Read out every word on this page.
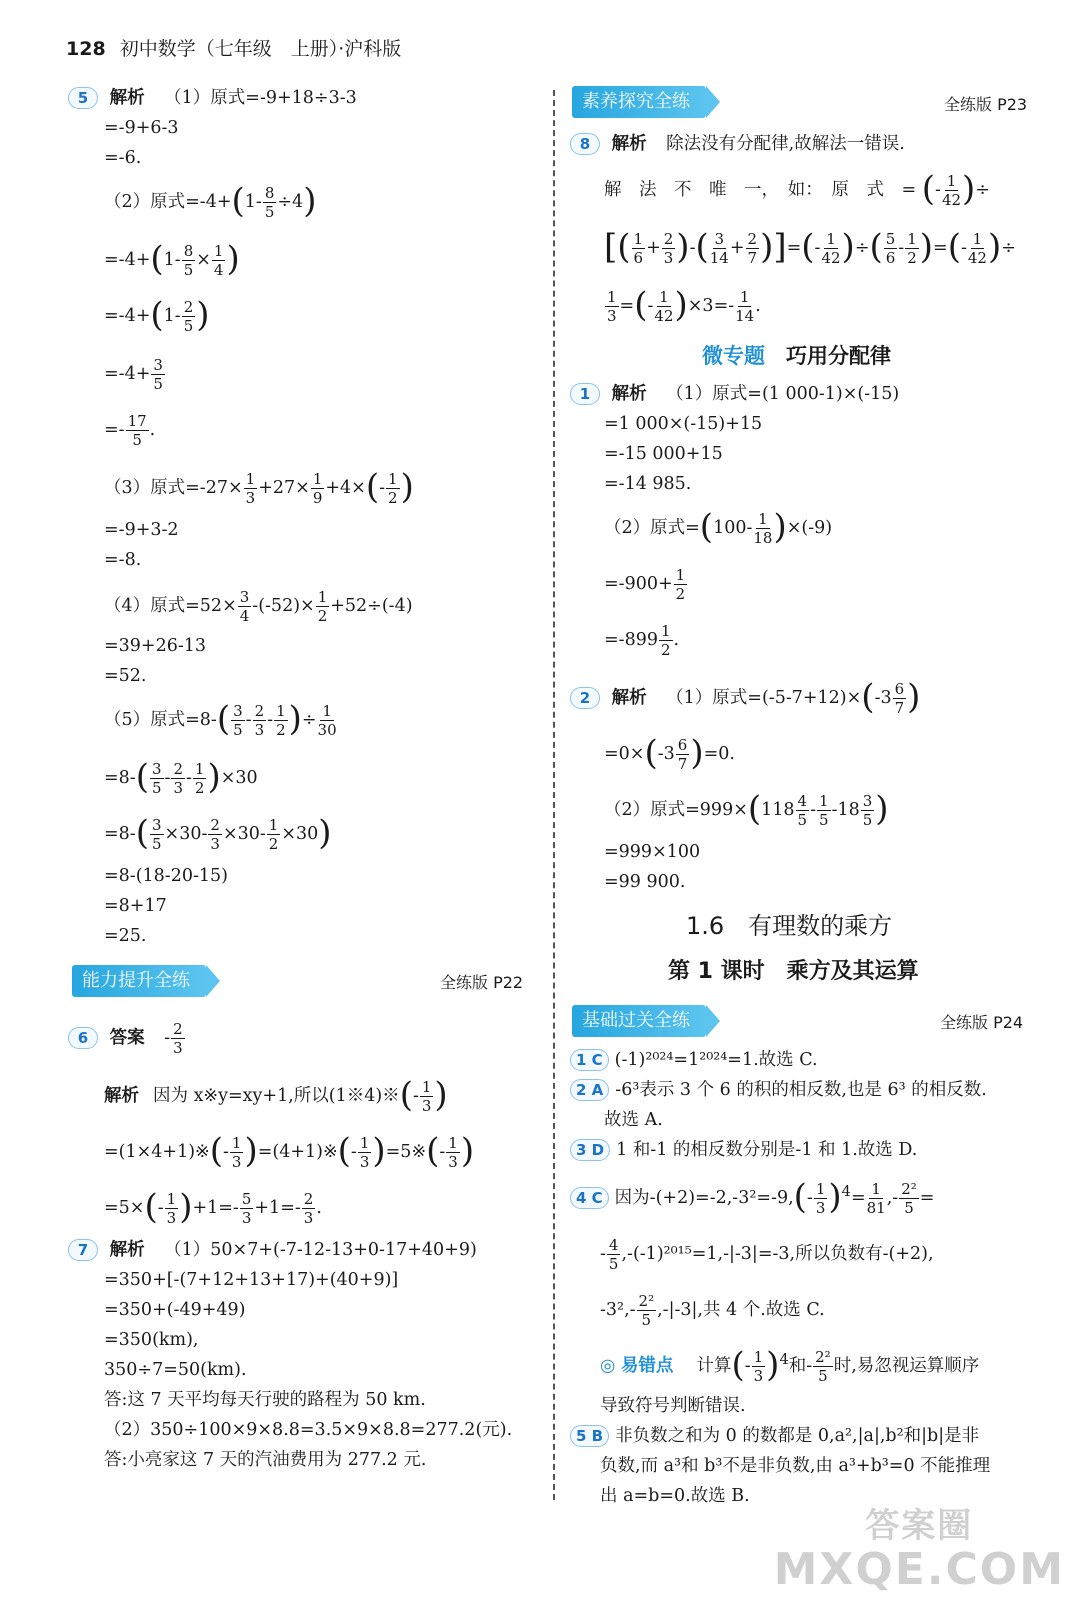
128 初中数学（七年级　上册）·沪科版
5 解析 （1）原式=-9+18÷3-3
=-9+6-3
=-6.
（2）原式$=-4+(1- \frac{8}{5} \div 4)$
$=-4+(1- \frac{8}{5} \times \frac{1}{4}$ )
$=-4+(1- \frac{2}{5}$ )
$=-4+ \frac{3}{5}$
=- $\frac{17}{5}$ .
（3）原式$=-27\times \frac{1}{3} +27\times \frac{1}{9} +4\times(- \frac{1}{2}$ )
=-9+3-2
=-8.
（4）原式$=52\times \frac{3}{4} -(-52)\times \frac{1}{2} +52\div(-4)$
=39+26-13
=52.
（5）原式$=8-( \frac{3}{5} - \frac{2}{3} - \frac{1}{2}$ )÷ $\frac{1}{30}$
$=8-( \frac{3}{5} - \frac{2}{3} - \frac{1}{2} )\times 30$
$=8-( \frac{3}{5} \times 30- \frac{2}{3} \times 30- \frac{1}{2} \times 30)$
=8-(18-20-15)
=8+17
=25.
能力提升全练	全练版 P22
6 答案 - $\frac{2}{3}$
解析 因为 x※y=xy+1,所以(1※4)※(- $\frac{1}{3}$ )
=(1×4+1)※(- $\frac{1}{3}$ )=(4+1)※(- $\frac{1}{3}$ )=5※(- $\frac{1}{3}$ )
$=5\times(- \frac{1}{3} )+1=- \frac{5}{3} +1=- \frac{2}{3}$ .
7 解析 （1）50×7+(-7-12-13+0-17+40+9)
=350+[-(7+12+13+17)+(40+9)]
=350+(-49+49)
=350(km),
350÷7=50(km).
答:这 7 天平均每天行驶的路程为 50 km.
（2）350÷100×9×8.8=3.5×9×8.8=277.2(元).
答:小亮家这 7 天的汽油费用为 277.2 元.
素养探究全练	全练版 P23
8 解析 除法没有分配律,故解法一错误.
解　法　不　唯　一，　如：　原　式　= (- $\frac{1}{42}$ )÷
[( $\frac{1}{6} + \frac{2}{3}$ )-( $\frac{3}{14} + \frac{2}{7}$ )]=(- $\frac{1}{42}$ )÷( $\frac{5}{6} - \frac{1}{2}$ )=(- $\frac{1}{42}$ )÷
$\frac{1}{3}$ =(- $\frac{1}{42} )\times 3=- \frac{1}{14}$ .
微专题　 巧用分配律
1 解析 （1）原式=(1 000-1)×(-15)
=1 000×(-15)+15
=-15 000+15
=-14 985.
（2）原式$=(100- \frac{1}{18} )\times(-9)$
$=-900+ \frac{1}{2}$
$=-899 \frac{1}{2}$ .
2 解析 （1）原式$=(-5-7+12)\times(-3 \frac{6}{7}$ )
$=0\times(-3 \frac{6}{7} )=0$.
（2）原式$=999\times(118 \frac{4}{5} - \frac{1}{5} -18 \frac{3}{5}$ )
=999×100
=99 900.
1.6　有理数的乘方
第 1 课时　乘方及其运算
基础过关全练	全练版 P24
1 C (-1)²⁰²⁴=1²⁰²⁴=1.故选 C.
2 A -6³表示 3 个 6 的积的相反数,也是 6³ 的相反数.
故选 A.
3 D 1 和-1 的相反数分别是-1 和 1.故选 D.
4 C 因为$-(+2)=-2,-3^2=-9,(- \frac{1}{3} )^4= \frac{1}{81}$ ,- $\frac{\text{2²}}{5}$ =
- $\frac{4}{5} ,-(-1)^{2015}=1,-|-3|=-3$,所以负数有-(+2),
$-3^2,- \frac{\text{2²}}{5} ,-|-3|$,共 4 个.故选 C.
◎ 易错点 　 计算(- $\frac{1}{3} )^4$和- $\frac{\text{2²}}{5}$ 时,易忽视运算顺序
导致符号判断错误.
5 B 非负数之和为 0 的数都是 0,a²,|a|,b²和|b|是非
负数,而 a³和 b³不是非负数,由 a³+b³=0 不能推理
出 a=b=0.故选 B.
答案圈
MXQE.COM
